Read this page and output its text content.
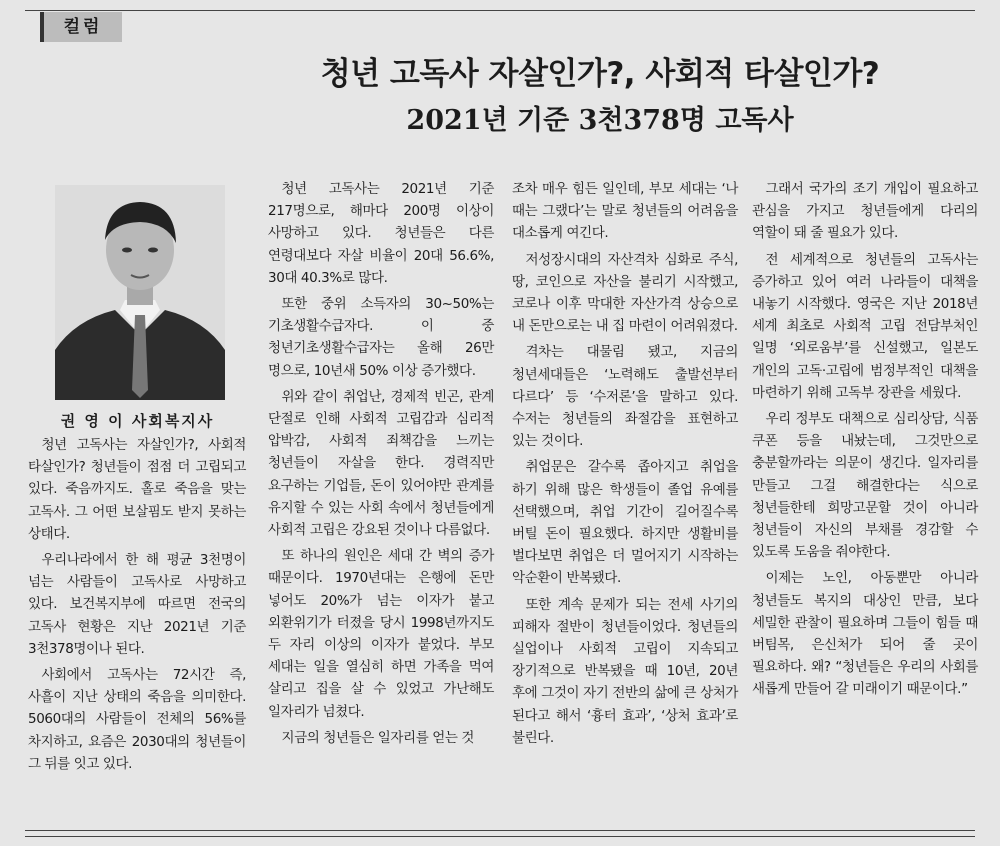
컬럼
청년 고독사 자살인가?, 사회적 타살인가?
2021년 기준 3천378명 고독사
권 영 이 사회복지사

청년 고독사는 자살인가?, 사회적 타살인가? 청년들이 점점 더 고립되고 있다. 죽음까지도. 홀로 죽음을 맞는 고독사. 그 어떤 보살핌도 받지 못하는 상태다.

우리나라에서 한 해 평균 3천명이 넘는 사람들이 고독사로 사망하고 있다. 보건복지부에 따르면 전국의 고독사 현황은 지난 2021년 기준 3천378명이나 된다.

사회에서 고독사는 72시간 즉, 사흘이 지난 상태의 죽음을 의미한다. 5060대의 사람들이 전체의 56%를 차지하고, 요즘은 2030대의 청년들이 그 뒤를 잇고 있다.

청년 고독사는 2021년 기준 217명으로, 해마다 200명 이상이 사망하고 있다. 청년들은 다른 연령대보다 자살 비율이 20대 56.6%, 30대 40.3%로 많다.

또한 중위 소득자의 30~50%는 기초생활수급자다. 이 중 청년기초생활수급자는 올해 26만 명으로, 10년새 50% 이상 증가했다.

위와 같이 취업난, 경제적 빈곤, 관계 단절로 인해 사회적 고립감과 심리적 압박감, 사회적 죄책감을 느끼는 청년들이 자살을 한다. 경력직만 요구하는 기업들, 돈이 있어야만 관계를 유지할 수 있는 사회 속에서 청년들에게 사회적 고립은 강요된 것이나 다름없다.

또 하나의 원인은 세대 간 벽의 증가 때문이다. 1970년대는 은행에 돈만 넣어도 20%가 넘는 이자가 붙고 외환위기가 터졌을 당시 1998년까지도 두 자리 이상의 이자가 붙었다. 부모 세대는 일을 열심히 하면 가족을 먹여 살리고 집을 살 수 있었고 가난해도 일자리가 넘쳤다.

지금의 청년들은 일자리를 얻는 것

조차 매우 힘든 일인데, 부모 세대는 ‘나 때는 그랬다’는 말로 청년들의 어려움을 대소롭게 여긴다.

저성장시대의 자산격차 심화로 주식, 땅, 코인으로 자산을 불리기 시작했고, 코로나 이후 막대한 자산가격 상승으로 내 돈만으로는 내 집 마련이 어려워졌다.

격차는 대물림 됐고, 지금의 청년세대들은 ‘노력해도 출발선부터 다르다’ 등 ‘수저론’을 말하고 있다. 수저는 청년들의 좌절감을 표현하고 있는 것이다.

취업문은 갈수록 좁아지고 취업을 하기 위해 많은 학생들이 졸업 유예를 선택했으며, 취업 기간이 길어질수록 버틸 돈이 필요했다. 하지만 생활비를 벌다보면 취업은 더 멀어지기 시작하는 악순환이 반복됐다.

또한 계속 문제가 되는 전세 사기의 피해자 절반이 청년들이었다. 청년들의 실업이나 사회적 고립이 지속되고 장기적으로 반복됐을 때 10년, 20년 후에 그것이 자기 전반의 삶에 큰 상처가 된다고 해서 ‘흉터 효과’, ‘상처 효과’로 불린다.

그래서 국가의 조기 개입이 필요하고 관심을 가지고 청년들에게 다리의 역할이 돼 줄 필요가 있다.

전 세계적으로 청년들의 고독사는 증가하고 있어 여러 나라들이 대책을 내놓기 시작했다. 영국은 지난 2018년 세계 최초로 사회적 고립 전담부처인 일명 ‘외로움부’를 신설했고, 일본도 개인의 고독·고립에 범정부적인 대책을 마련하기 위해 고독부 장관을 세웠다.

우리 정부도 대책으로 심리상담, 식품 쿠폰 등을 내놨는데, 그것만으로 충분할까라는 의문이 생긴다. 일자리를 만들고 그걸 해결한다는 식으로 청년들한테 희망고문할 것이 아니라 청년들이 자신의 부채를 경감할 수 있도록 도움을 줘야한다.

이제는 노인, 아동뿐만 아니라 청년들도 복지의 대상인 만큼, 보다 세밀한 관찰이 필요하며 그들이 힘들 때 버팀목, 은신처가 되어 줄 곳이 필요하다. 왜? “청년들은 우리의 사회를 새롭게 만들어 갈 미래이기 때문이다.”
